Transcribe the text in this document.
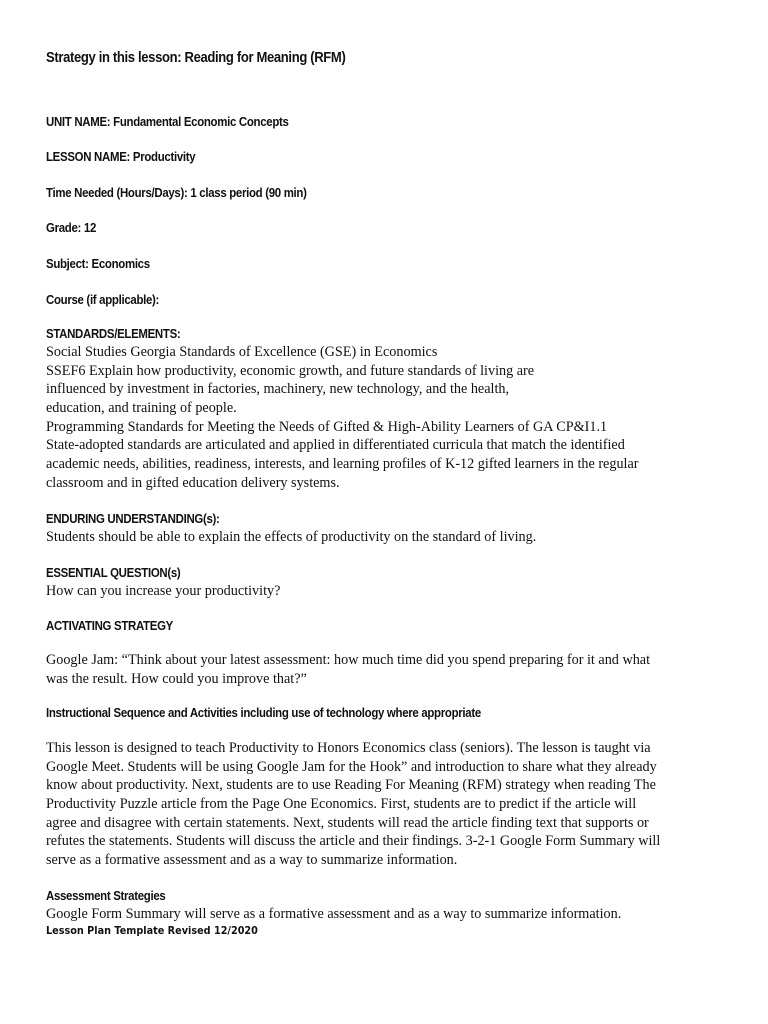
Strategy in this lesson: Reading for Meaning (RFM)
UNIT NAME: Fundamental Economic Concepts
LESSON NAME: Productivity
Time Needed (Hours/Days): 1 class period (90 min)
Grade: 12
Subject: Economics
Course (if applicable):
STANDARDS/ELEMENTS:
Social Studies Georgia Standards of Excellence (GSE) in Economics
SSEF6 Explain how productivity, economic growth, and future standards of living are
influenced by investment in factories, machinery, new technology, and the health,
education, and training of people.
Programming Standards for Meeting the Needs of Gifted & High-Ability Learners of GA CP&I1.1
State-adopted standards are articulated and applied in differentiated curricula that match the identified
academic needs, abilities, readiness, interests, and learning profiles of K-12 gifted learners in the regular
classroom and in gifted education delivery systems.
ENDURING UNDERSTANDING(s):
Students should be able to explain the effects of productivity on the standard of living.
ESSENTIAL QUESTION(s)
How can you increase your productivity?
ACTIVATING STRATEGY
Google Jam: “Think about your latest assessment: how much time did you spend preparing for it and what
was the result. How could you improve that?”
Instructional Sequence and Activities including use of technology where appropriate
This lesson is designed to teach Productivity to Honors Economics class (seniors). The lesson is taught via
Google Meet. Students will be using Google Jam for the Hook” and introduction to share what they already
know about productivity. Next, students are to use Reading For Meaning (RFM) strategy when reading The
Productivity Puzzle article from the Page One Economics. First, students are to predict if the article will
agree and disagree with certain statements. Next, students will read the article finding text that supports or
refutes the statements. Students will discuss the article and their findings. 3-2-1 Google Form Summary will
serve as a formative assessment and as a way to summarize information.
Assessment Strategies
Google Form Summary will serve as a formative assessment and as a way to summarize information.
Lesson Plan Template Revised 12/2020
